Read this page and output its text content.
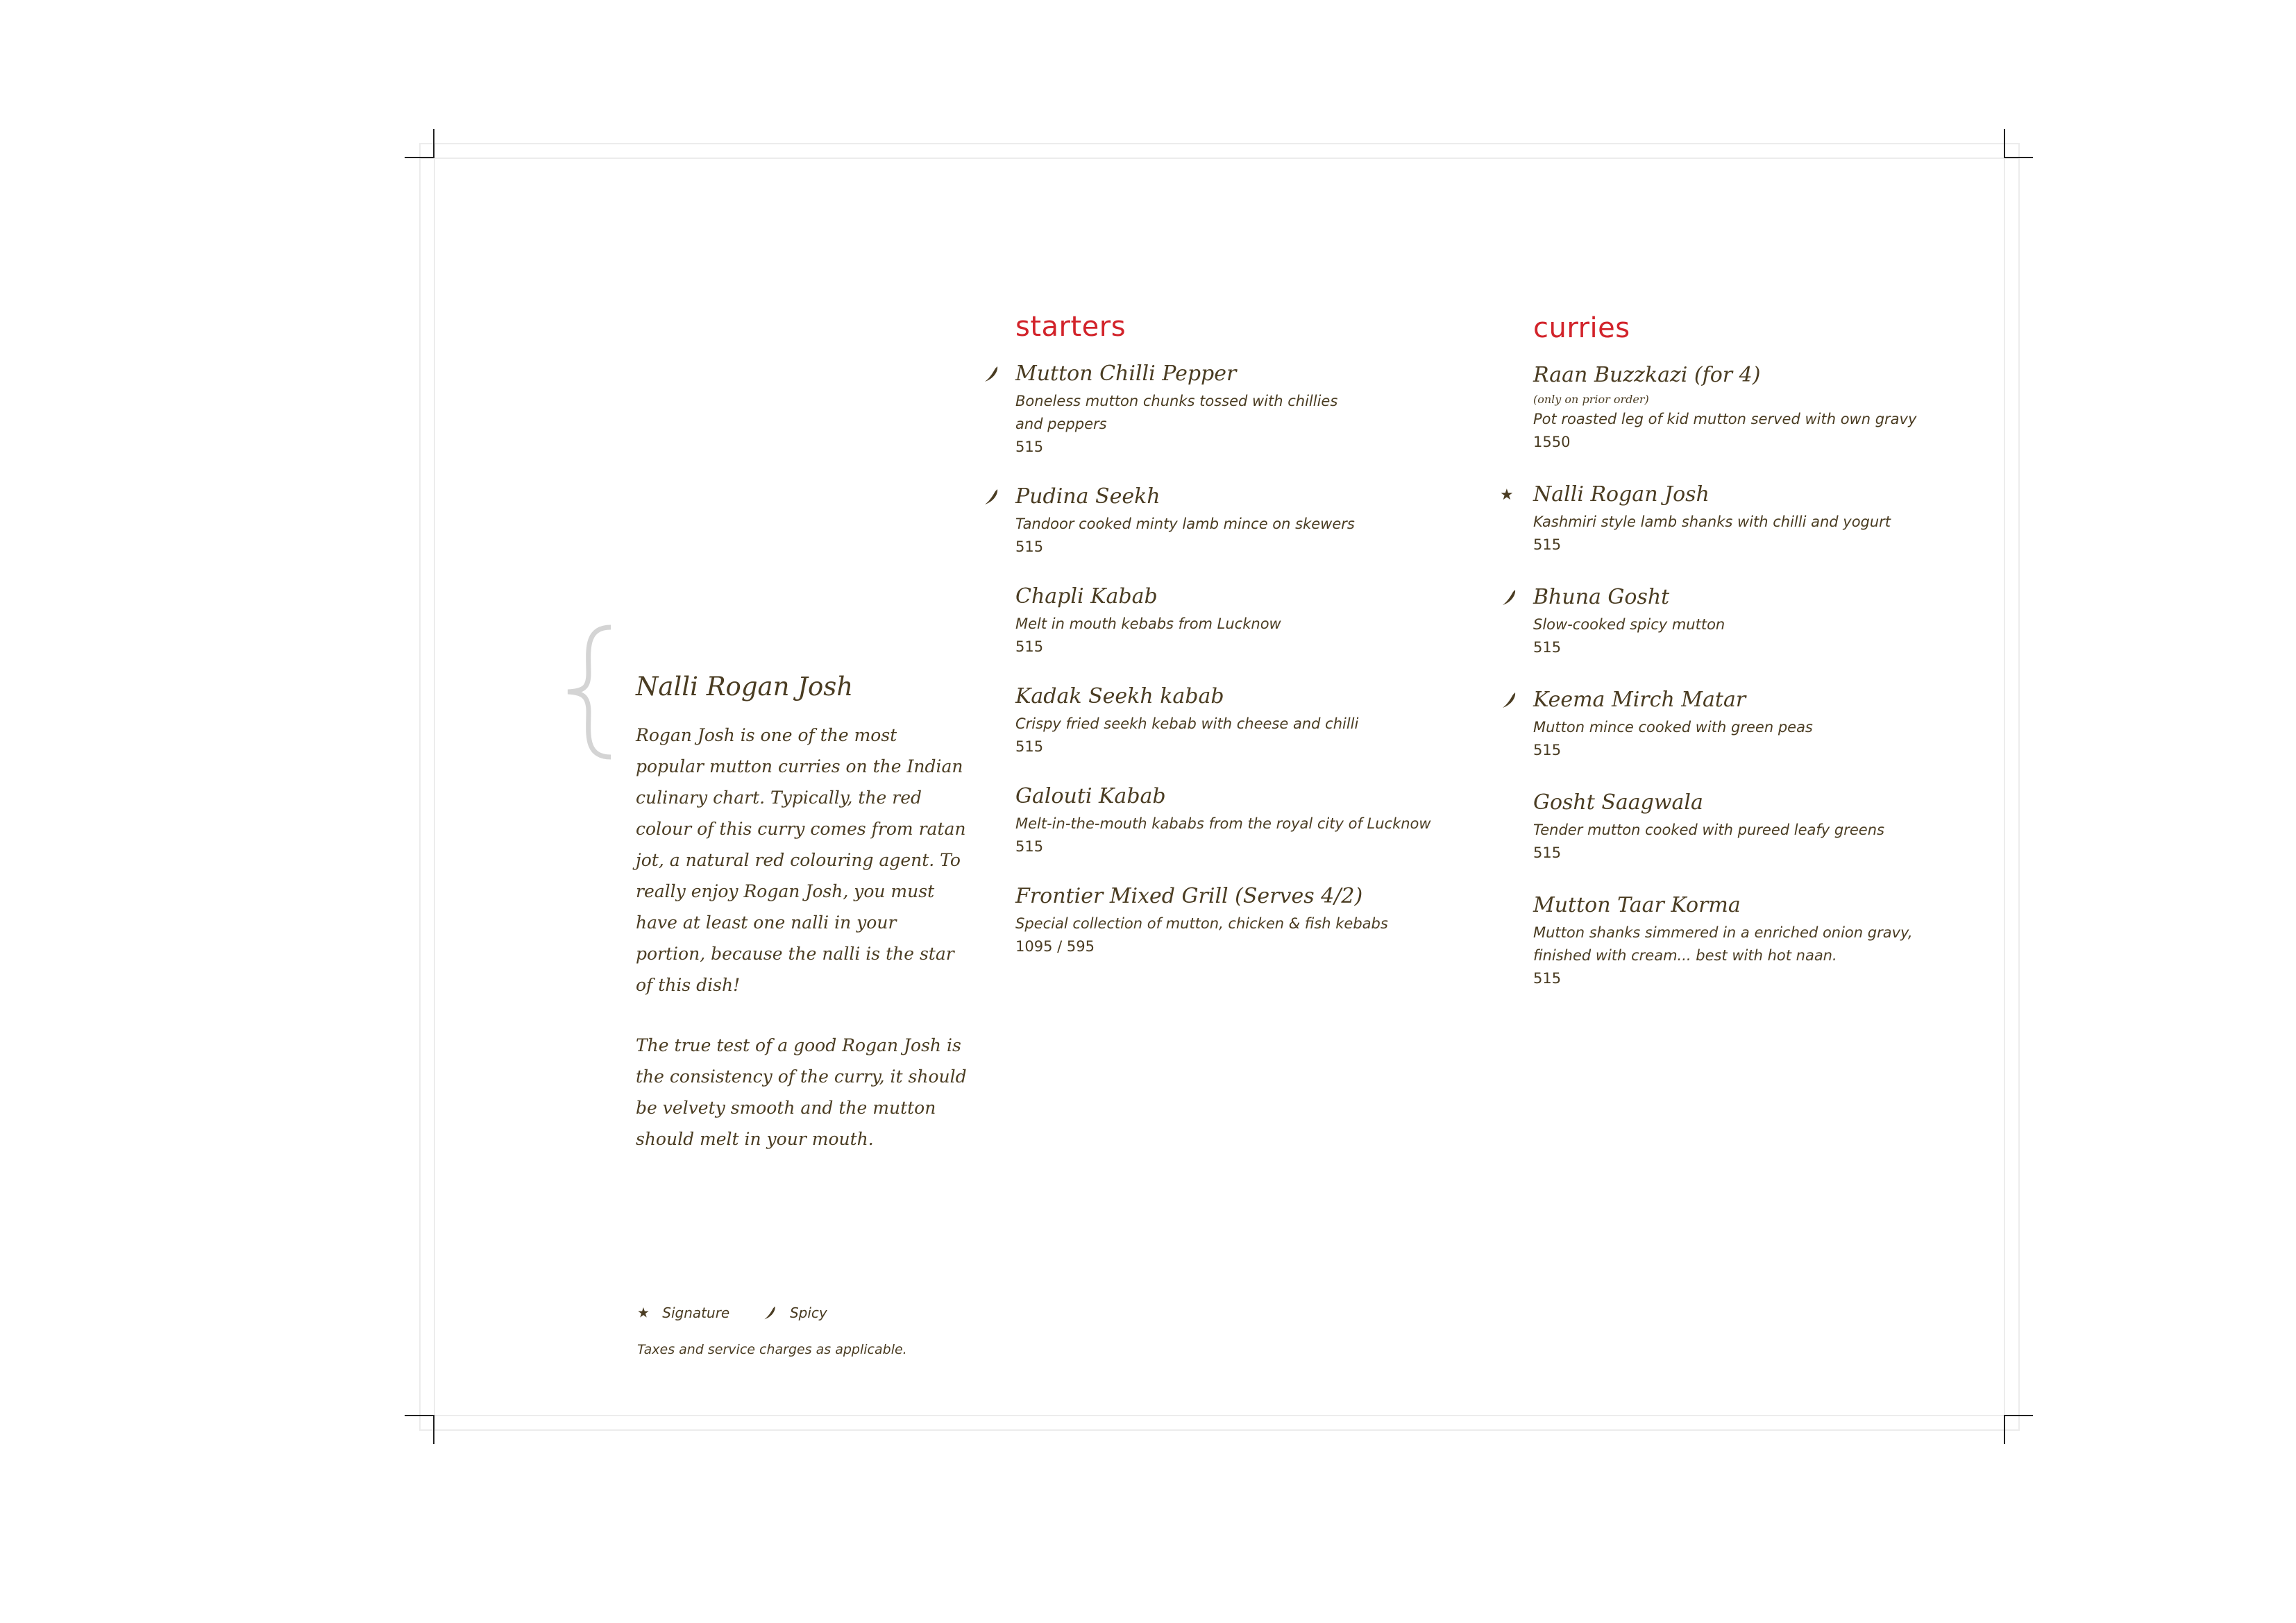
Nalli Rogan Josh

Rogan Josh is one of the most popular mutton curries on the Indian culinary chart. Typically, the red colour of this curry comes from ratan jot, a natural red colouring agent. To really enjoy Rogan Josh, you must have at least one nalli in your portion, because the nalli is the star of this dish!

The true test of a good Rogan Josh is the consistency of the curry, it should be velvety smooth and the mutton should melt in your mouth.

★ Signature	Spicy
Taxes and service charges as applicable.
starters
Mutton Chilli Pepper
Boneless mutton chunks tossed with chillies and peppers
515
Pudina Seekh
Tandoor cooked minty lamb mince on skewers
515
Chapli Kabab
Melt in mouth kebabs from Lucknow
515
Kadak Seekh kabab
Crispy fried seekh kebab with cheese and chilli
515
Galouti Kabab
Melt-in-the-mouth kababs from the royal city of Lucknow
515
Frontier Mixed Grill (Serves 4/2)
Special collection of mutton, chicken & fish kebabs
1095 / 595
curries
Raan Buzzkazi (for 4)
(only on prior order)
Pot roasted leg of kid mutton served with own gravy
1550
★ Nalli Rogan Josh
Kashmiri style lamb shanks with chilli and yogurt
515
Bhuna Gosht
Slow-cooked spicy mutton
515
Keema Mirch Matar
Mutton mince cooked with green peas
515
Gosht Saagwala
Tender mutton cooked with pureed leafy greens
515
Mutton Taar Korma
Mutton shanks simmered in a enriched onion gravy, finished with cream... best with hot naan.
515
